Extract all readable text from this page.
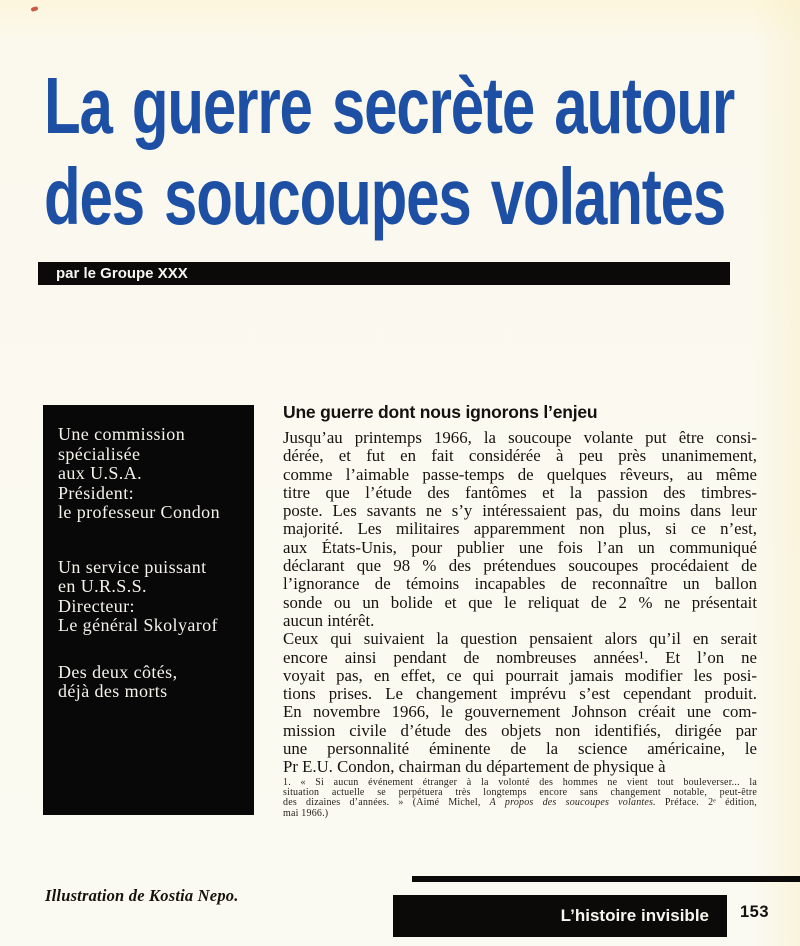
La guerre secrète autour
des soucoupes volantes
par le Groupe XXX
Une commission
spécialisée
aux U.S.A.
Président:
le professeur Condon
Un service puissant
en U.R.S.S.
Directeur:
Le général Skolyarof
Des deux côtés,
déjà des morts
Une guerre dont nous ignorons l’enjeu
Jusqu’au printemps 1966, la soucoupe volante put être consi-
dérée, et fut en fait considérée à peu près unanimement,
comme l’aimable passe-temps de quelques rêveurs, au même
titre que l’étude des fantômes et la passion des timbres-
poste. Les savants ne s’y intéressaient pas, du moins dans leur
majorité. Les militaires apparemment non plus, si ce n’est,
aux États-Unis, pour publier une fois l’an un communiqué
déclarant que 98 % des prétendues soucoupes procédaient de
l’ignorance de témoins incapables de reconnaître un ballon
sonde ou un bolide et que le reliquat de 2 % ne présentait
aucun intérêt.
Ceux qui suivaient la question pensaient alors qu’il en serait
encore ainsi pendant de nombreuses années¹. Et l’on ne
voyait pas, en effet, ce qui pourrait jamais modifier les posi-
tions prises. Le changement imprévu s’est cependant produit.
En novembre 1966, le gouvernement Johnson créait une com-
mission civile d’étude des objets non identifiés, dirigée par
une personnalité éminente de la science américaine, le
Pr E.U. Condon, chairman du département de physique à
1. « Si aucun événement étranger à la volonté des hommes ne vient tout bouleverser... la
situation actuelle se perpétuera très longtemps encore sans changement notable, peut-être
des dizaines d’années. » (Aimé Michel, A propos des soucoupes volantes. Préface. 2ᵉ édition,
mai 1966.)
Illustration de Kostia Nepo.
L’histoire invisible	153
